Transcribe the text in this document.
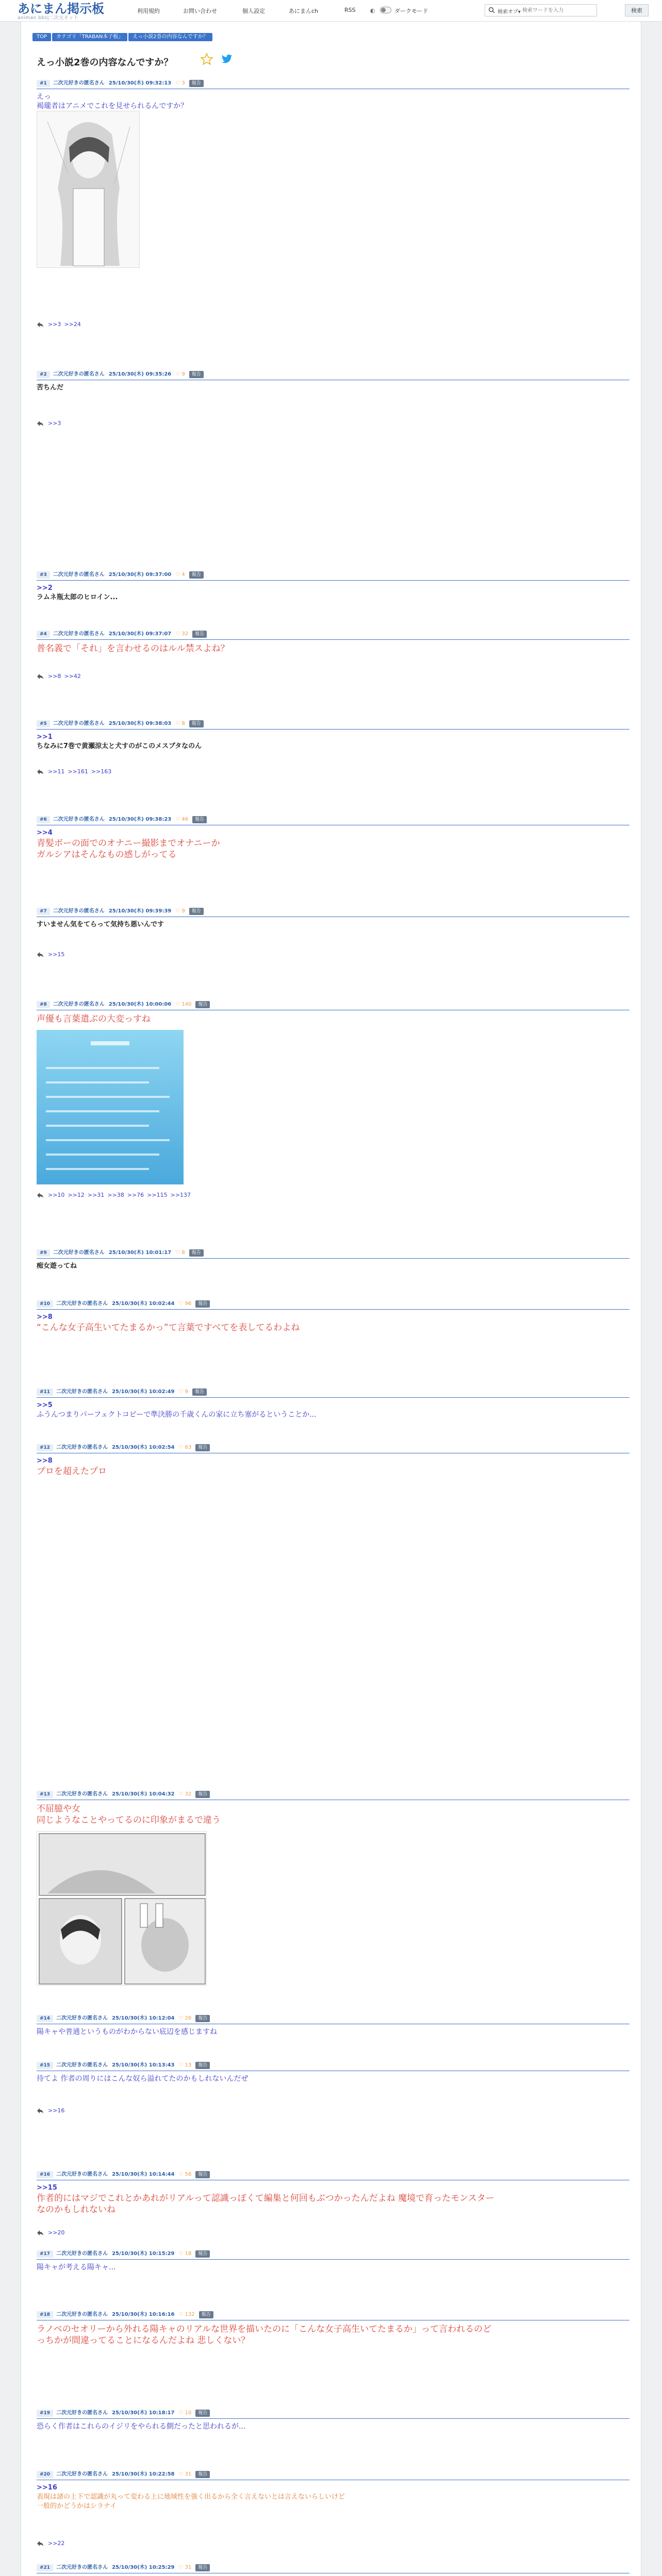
あにまん掲示板
animan bbs|二次元ネット
利用規約	お問い合わせ	個人設定	あにまんch	RSS	◐	ダークモード	検索オプ▾
検索ワードを入力	検索
TOP カテゴリ「TRABAN本子板」 えっ小説2巻の内容なんですか？
えっ小説2巻の内容なんですか？
#1 二次元好きの匿名さん 25/10/30(木) 09:32:13 ♡ 3 報告
えっ
褐瓏者はアニメでこれを見せられるんですか？
>>3 >>24
#2 二次元好きの匿名さん 25/10/30(木) 09:35:26 ♡ 9 報告
苦ちんだ
>>3
#3 二次元好きの匿名さん 25/10/30(木) 09:37:00 ♡ 4 報告
>>2
ラムネ瓶太郎のヒロイン...
#4 二次元好きの匿名さん 25/10/30(木) 09:37:07 ♡ 32 報告
普名義で「それ」を言わせるのはルル禁スよね？
>>8 >>42
#5 二次元好きの匿名さん 25/10/30(木) 09:38:03 ♡ 8 報告
>>1
ちなみに7巻で黄瀬涼太と犬すのがこのメスブタなのん
>>11 >>161 >>163
#6 二次元好きの匿名さん 25/10/30(木) 09:38:23 ♡ 46 報告
>>4
青髪ボーの面でのオナニー撮影までオナニーか
ガルシアはそんなもの感しがってる
#7 二次元好きの匿名さん 25/10/30(木) 09:39:39 ♡ 9 報告
すいません気をてらって気持ち悪いんです
>>15
#8 二次元好きの匿名さん 25/10/30(木) 10:00:06 ♡ 140 報告
声優も言葉遣ぶの大変っすね
>>10 >>12 >>31 >>38 >>76 >>115 >>137
#9 二次元好きの匿名さん 25/10/30(木) 10:01:17 ♡ 8 報告
痴女遊ってね
#10 二次元好きの匿名さん 25/10/30(木) 10:02:44 ♡ 96 報告
>>8
“こんな女子高生いてたまるかっ”て言葉ですべてを表してるわよね
#11 二次元好きの匿名さん 25/10/30(木) 10:02:49 ♡ 9 報告
>>5
ふうんつまりパーフェクトコピーで準決勝の千歳くんの家に立ち塞がるということか...
#12 二次元好きの匿名さん 25/10/30(木) 10:02:54 ♡ 63 報告
>>8
プロを超えたプロ
#13 二次元好きの匿名さん 25/10/30(木) 10:04:32 ♡ 32 報告
不屈臆や女
同じようなことやってるのに印象がまるで違う
#14 二次元好きの匿名さん 25/10/30(木) 10:12:04 ♡ 26 報告
陽キャや普通というものがわからない底辺を感じますね
#15 二次元好きの匿名さん 25/10/30(木) 10:13:43 ♡ 13 報告
待てよ 作者の周りにはこんな奴ら溢れてたのかもしれないんだぜ
>>16
#16 二次元好きの匿名さん 25/10/30(木) 10:14:44 ♡ 56 報告
>>15
作者的にはマジでこれとかあれがリアルって認識っぽくて編集と何回もぶつかったんだよね 魔境で育ったモンスター
なのかもしれないね
>>20
#17 二次元好きの匿名さん 25/10/30(木) 10:15:29 ♡ 18 報告
陽キャが考える陽キャ...
#18 二次元好きの匿名さん 25/10/30(木) 10:16:16 ♡ 132 報告
ラノベのセオリーから外れる陽キャのリアルな世界を描いたのに「こんな女子高生いてたまるか」って言われるのど
っちかが間違ってることになるんだよね 悲しくない？
#19 二次元好きの匿名さん 25/10/30(木) 10:18:17 ♡ 10 報告
恐らく作者はこれらのイジリをやられる側だったと思われるが...
#20 二次元好きの匿名さん 25/10/30(木) 10:22:58 ♡ 31 報告
>>16
表現は諸の上下で認識が丸って変わる上に地域性を強く出るから全く言えないとは言えないらしいけど
一般的かどうかはシラナイ
>>22
#21 二次元好きの匿名さん 25/10/30(木) 10:25:29 ♡ 31 報告
